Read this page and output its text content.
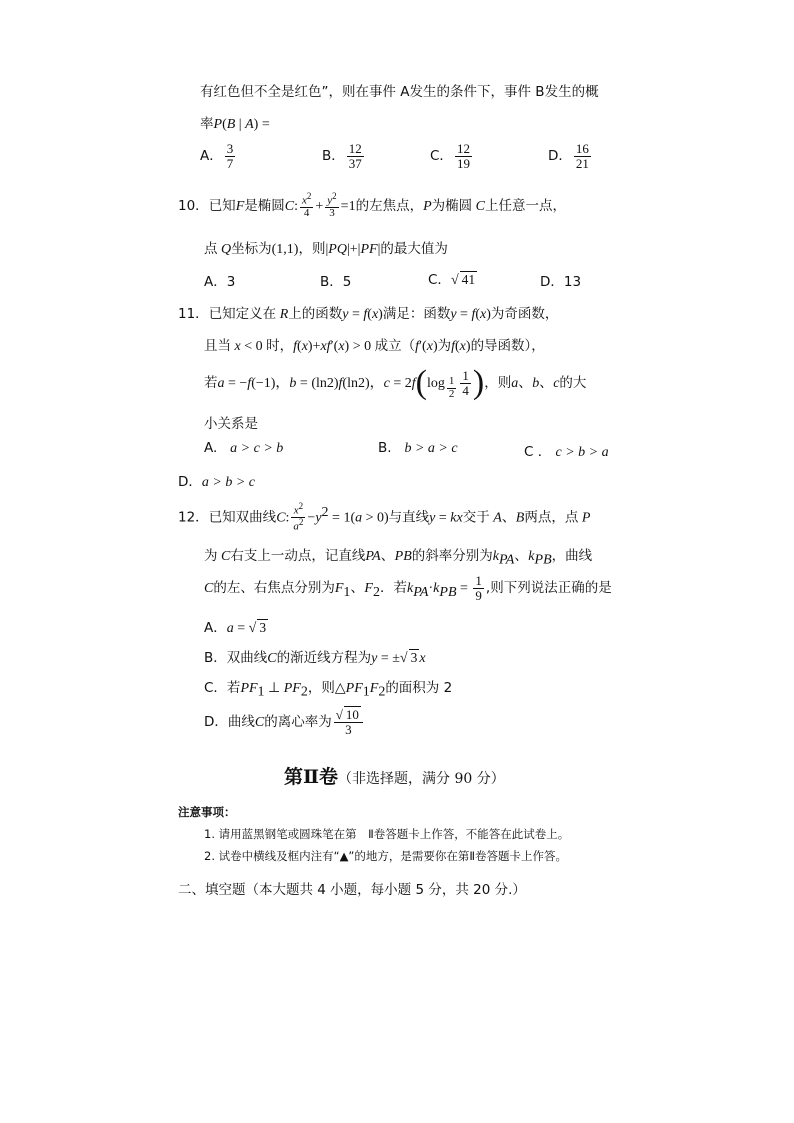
有红色但不全是红色”，则在事件 A发生的条件下，事件 B发生的概
率P(B | A) =
A． $\frac{3}{7}$	B． $\frac{12}{37}$	C． $\frac{12}{19}$	D． $\frac{16}{21}$
10．已知F是椭圆C: $\frac{x^2}{4} + \frac{y^2}{3} =1$的左焦点，P为椭圆 C上任意一点，
点 Q坐标为(1,1)，则|PQ|+|PF|的最大值为
A．3	B．5	C．√ 41	D．13
11．已知定义在 R上的函数y = f(x)满足：函数y = f(x)为奇函数，
且当 x < 0 时，f(x)+xf′(x) > 0 成立（f′(x)为f(x)的导函数），
若a = −f(−1)，b = (ln2)f(ln2)，$c = 2f(\log \frac{1}{2} \frac{1}{4}$ )，则a、b、c的大
小关系是
A. a > c > b	B. b > a > c	C ． c > b > a
D．a > b > c
12．已知双曲线C: $\frac{x^2}{a^2} -y^2 = 1(a > 0)$与直线y = kx交于 A、B两点，点 P
为 C右支上一动点，记直线PA、PB的斜率分别为$k_{PA}$、$k_{PB}$，曲线
C的左、右焦点分别为$F_1$、$F_2$．若$k_{PA}\cdot k_{PB} = \frac{1}{9}$ ,则下列说法正确的是
A．a = √ 3
B．双曲线C的渐近线方程为y = ±√ 3 x
C．若$PF_1$ ⊥ $PF_2$，则$\triangle PF_1F_2$的面积为 2
D．曲线C的离心率为 $\frac{√ 10}{3}$
第Ⅱ卷（非选择题，满分 90 分）
注意事项：
1. 请用蓝黑钢笔或圆珠笔在第　Ⅱ卷答题卡上作答，不能答在此试卷上。
2. 试卷中横线及框内注有“▲”的地方，是需要你在第Ⅱ卷答题卡上作答。
二、填空题（本大题共 4 小题，每小题 5 分，共 20 分.）
